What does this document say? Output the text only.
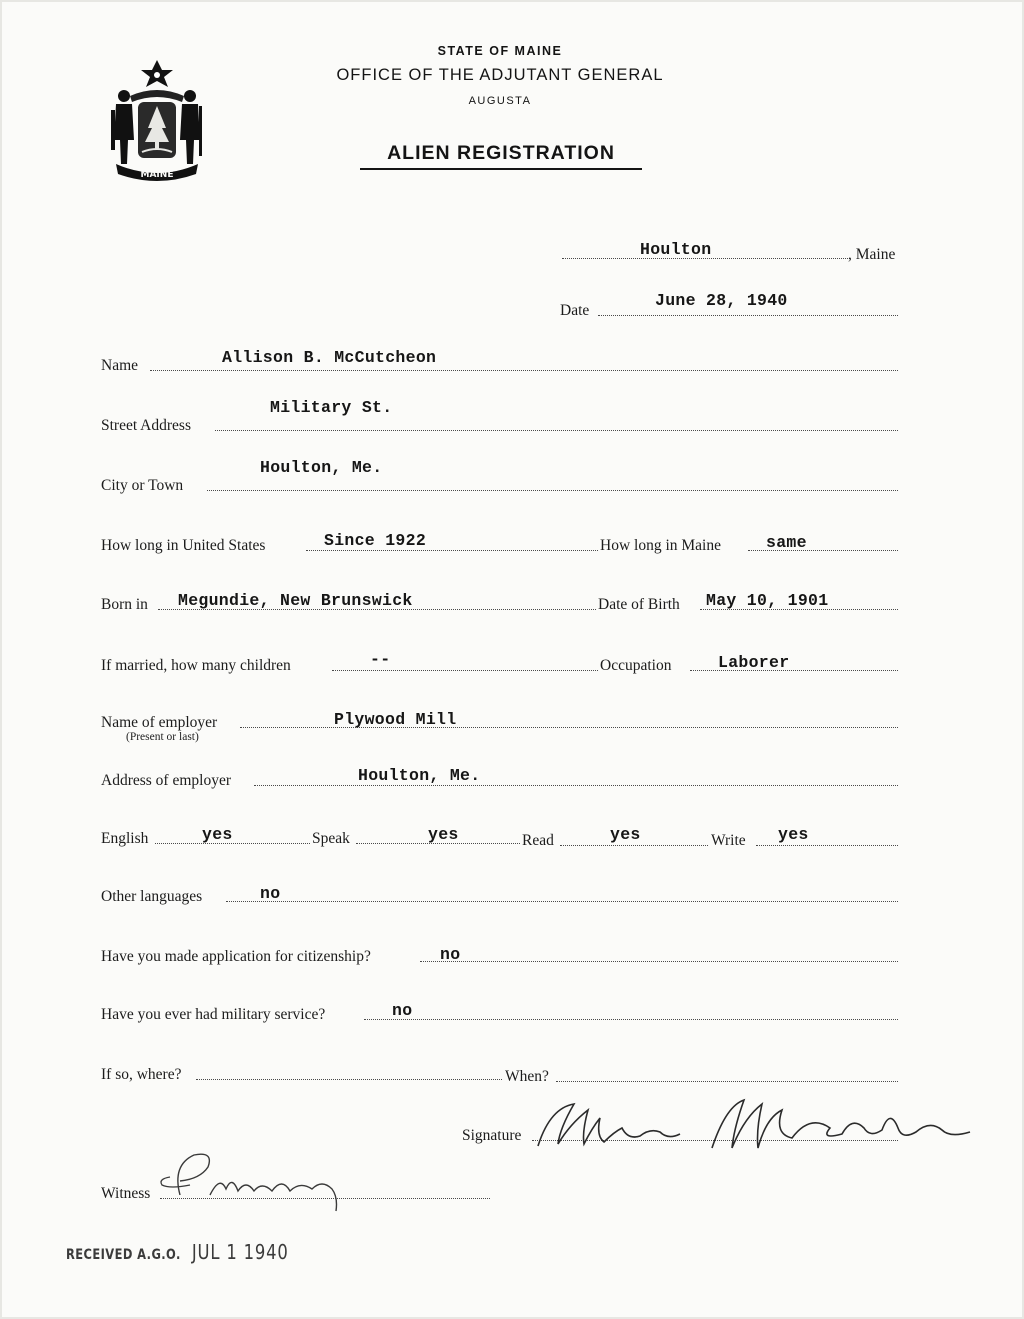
MAINE
STATE OF MAINE
OFFICE OF THE ADJUTANT GENERAL
AUGUSTA
ALIEN REGISTRATION
Houlton	, Maine
Date
June 28, 1940
Name	Allison B. McCutcheon
Street Address
Military St.
City or Town
Houlton, Me.
How long in United States	Since 1922	How long in Maine	same
Born in Megundie, New Brunswick	Date of Birth May 10, 1901
If married, how many children	--	Occupation	Laborer
Name of employer
(Present or last)
Plywood Mill
Address of employer	Houlton, Me.
English	yes	Speak	yes	Read	yes	Write yes
Other languages	no
Have you made application for citizenship?	no
Have you ever had military service?	no
If so, where?	When?
Signature
Witness
RECEIVED A.G.O. JUL 1 1940
